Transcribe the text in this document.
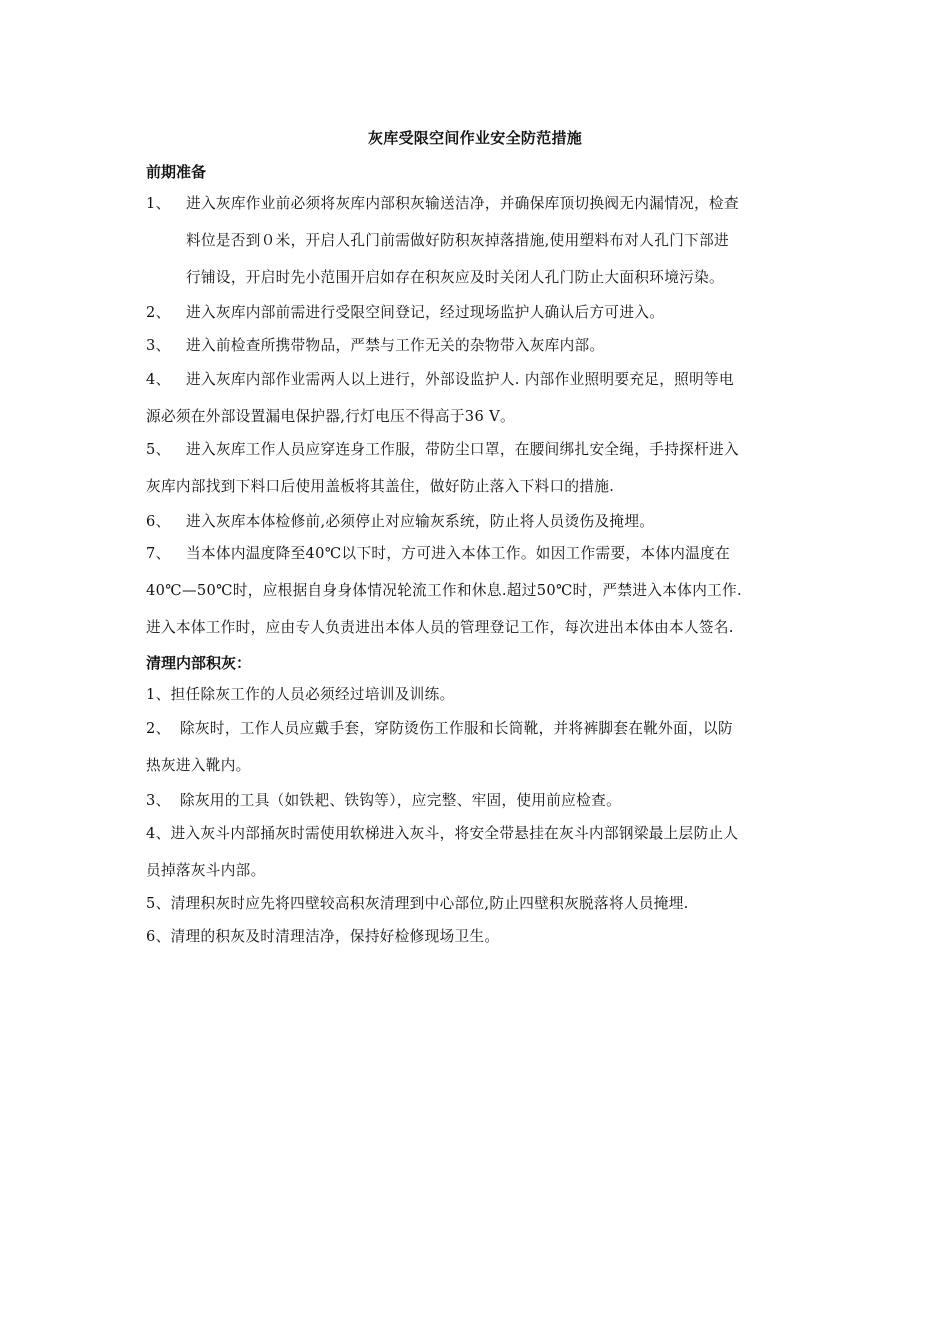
灰库受限空间作业安全防范措施
前期准备
1、 进入灰库作业前必须将灰库内部积灰输送洁净，并确保库顶切换阀无内漏情况，检查
料位是否到０米，开启人孔门前需做好防积灰掉落措施,使用塑料布对人孔门下部进
行铺设，开启时先小范围开启如存在积灰应及时关闭人孔门防止大面积环境污染。
2、 进入灰库内部前需进行受限空间登记，经过现场监护人确认后方可进入。
3、 进入前检查所携带物品，严禁与工作无关的杂物带入灰库内部。
4、 进入灰库内部作业需两人以上进行，外部设监护人. 内部作业照明要充足，照明等电
源必须在外部设置漏电保护器,行灯电压不得高于36 V。
5、 进入灰库工作人员应穿连身工作服，带防尘口罩，在腰间绑扎安全绳，手持探杆进入
灰库内部找到下料口后使用盖板将其盖住，做好防止落入下料口的措施.
6、 进入灰库本体检修前,必须停止对应输灰系统，防止将人员烫伤及掩埋。
7、 当本体内温度降至40℃以下时，方可进入本体工作。如因工作需要，本体内温度在
40℃—50℃时，应根据自身身体情况轮流工作和休息.超过50℃时，严禁进入本体内工作.
进入本体工作时，应由专人负责进出本体人员的管理登记工作，每次进出本体由本人签名.
清理内部积灰：
1、担任除灰工作的人员必须经过培训及训练。
2、 除灰时，工作人员应戴手套，穿防烫伤工作服和长筒靴，并将裤脚套在靴外面，以防
热灰进入靴内。
3、 除灰用的工具（如铁耙、铁钩等），应完整、牢固，使用前应检查。
4、进入灰斗内部捅灰时需使用软梯进入灰斗，将安全带悬挂在灰斗内部钢梁最上层防止人
员掉落灰斗内部。
5、清理积灰时应先将四壁较高积灰清理到中心部位,防止四壁积灰脱落将人员掩埋.
6、清理的积灰及时清理洁净，保持好检修现场卫生。
